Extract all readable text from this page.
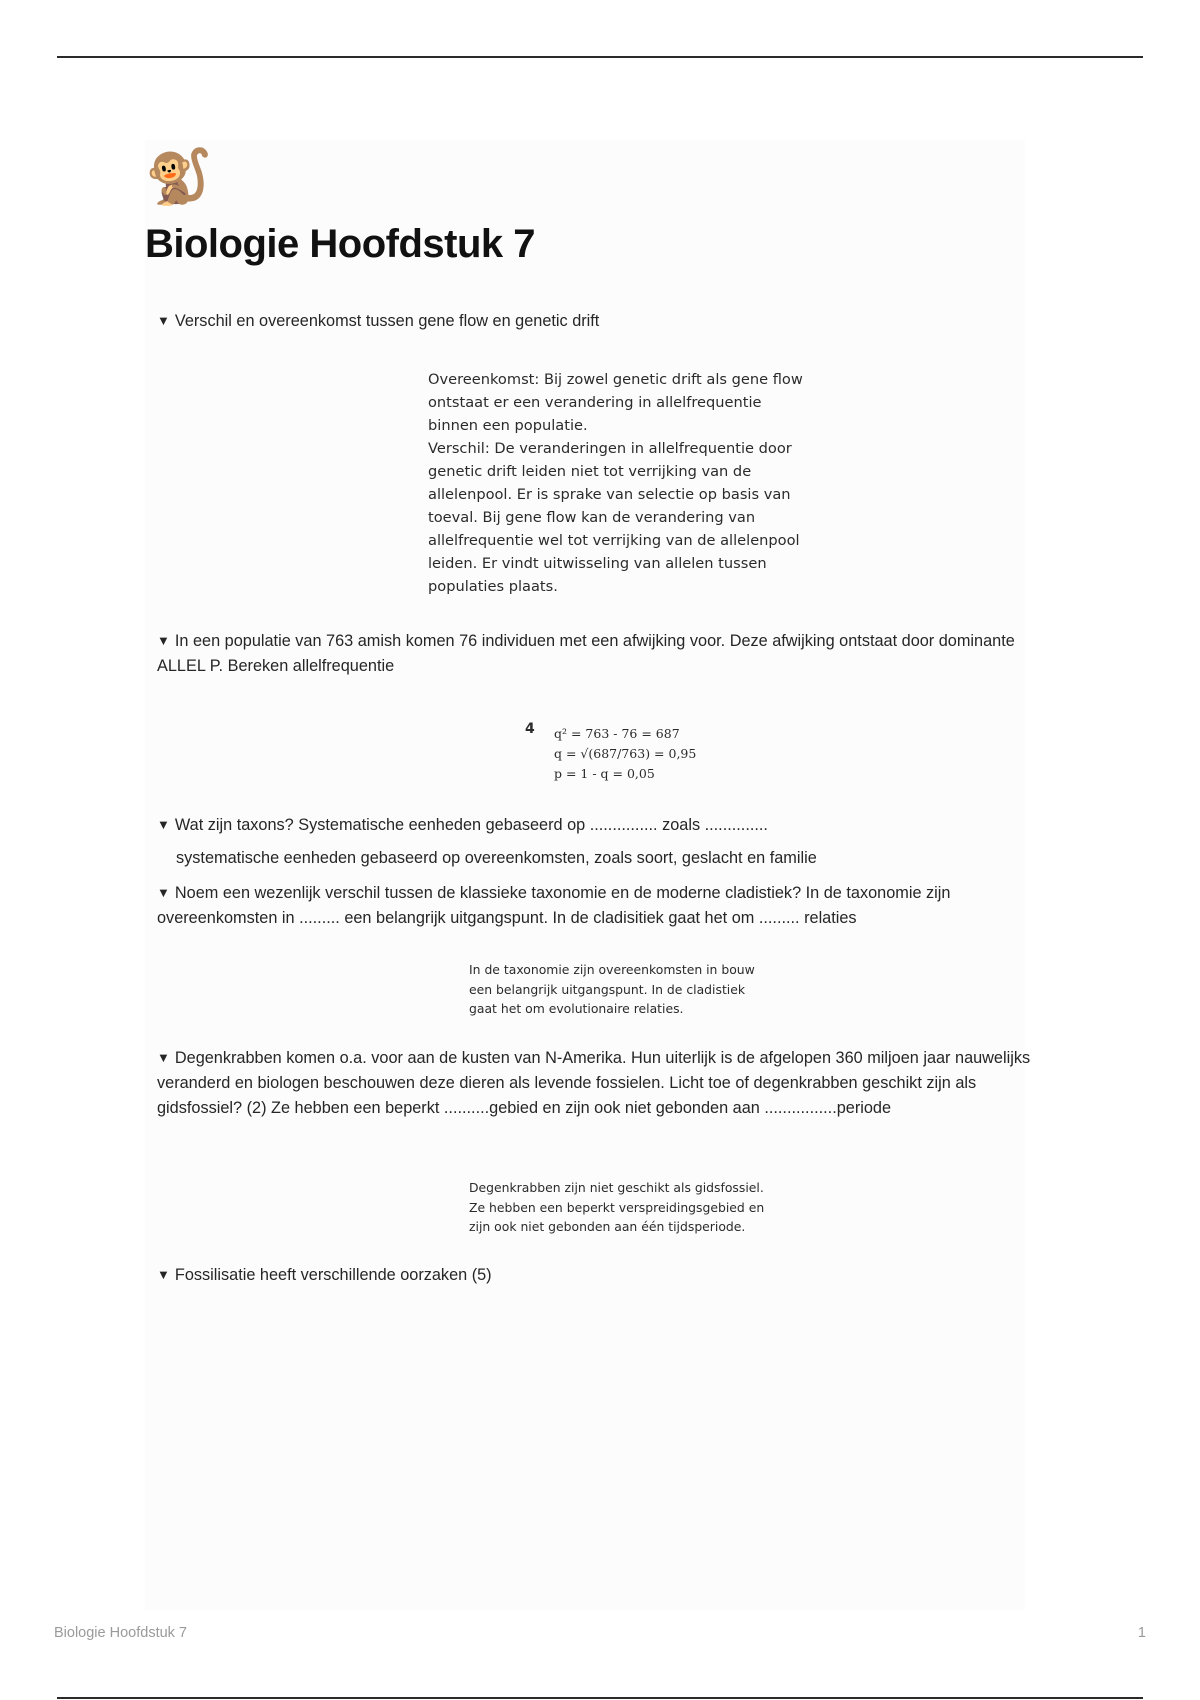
🐒
Biologie Hoofdstuk 7
▼ Verschil en overeenkomst tussen gene flow en genetic drift
Overeenkomst: Bij zowel genetic drift als gene flow
ontstaat er een verandering in allelfrequentie
binnen een populatie.
Verschil: De veranderingen in allelfrequentie door
genetic drift leiden niet tot verrijking van de
allelenpool. Er is sprake van selectie op basis van
toeval. Bij gene flow kan de verandering van
allelfrequentie wel tot verrijking van de allelenpool
leiden. Er vindt uitwisseling van allelen tussen
populaties plaats.
▼ In een populatie van 763 amish komen 76 individuen met een afwijking voor. Deze afwijking ontstaat door dominante ALLEL P. Bereken allelfrequentie
4 q² = 763 - 76 = 687
q = √(687/763) = 0,95
p = 1 - q = 0,05
▼ Wat zijn taxons? Systematische eenheden gebaseerd op ............... zoals ..............
systematische eenheden gebaseerd op overeenkomsten, zoals soort, geslacht en familie
▼ Noem een wezenlijk verschil tussen de klassieke taxonomie en de moderne cladistiek? In de taxonomie zijn overeenkomsten in ......... een belangrijk uitgangspunt. In de cladisitiek gaat het om ......... relaties
In de taxonomie zijn overeenkomsten in bouw
een belangrijk uitgangspunt. In de cladistiek
gaat het om evolutionaire relaties.
▼ Degenkrabben komen o.a. voor aan de kusten van N-Amerika. Hun uiterlijk is de afgelopen 360 miljoen jaar nauwelijks veranderd en biologen beschouwen deze dieren als levende fossielen. Licht toe of degenkrabben geschikt zijn als gidsfossiel? (2) Ze hebben een beperkt ..........gebied en zijn ook niet gebonden aan ................periode
Degenkrabben zijn niet geschikt als gidsfossiel.
Ze hebben een beperkt verspreidingsgebied en
zijn ook niet gebonden aan één tijdsperiode.
▼ Fossilisatie heeft verschillende oorzaken (5)
Biologie Hoofdstuk 7	1
